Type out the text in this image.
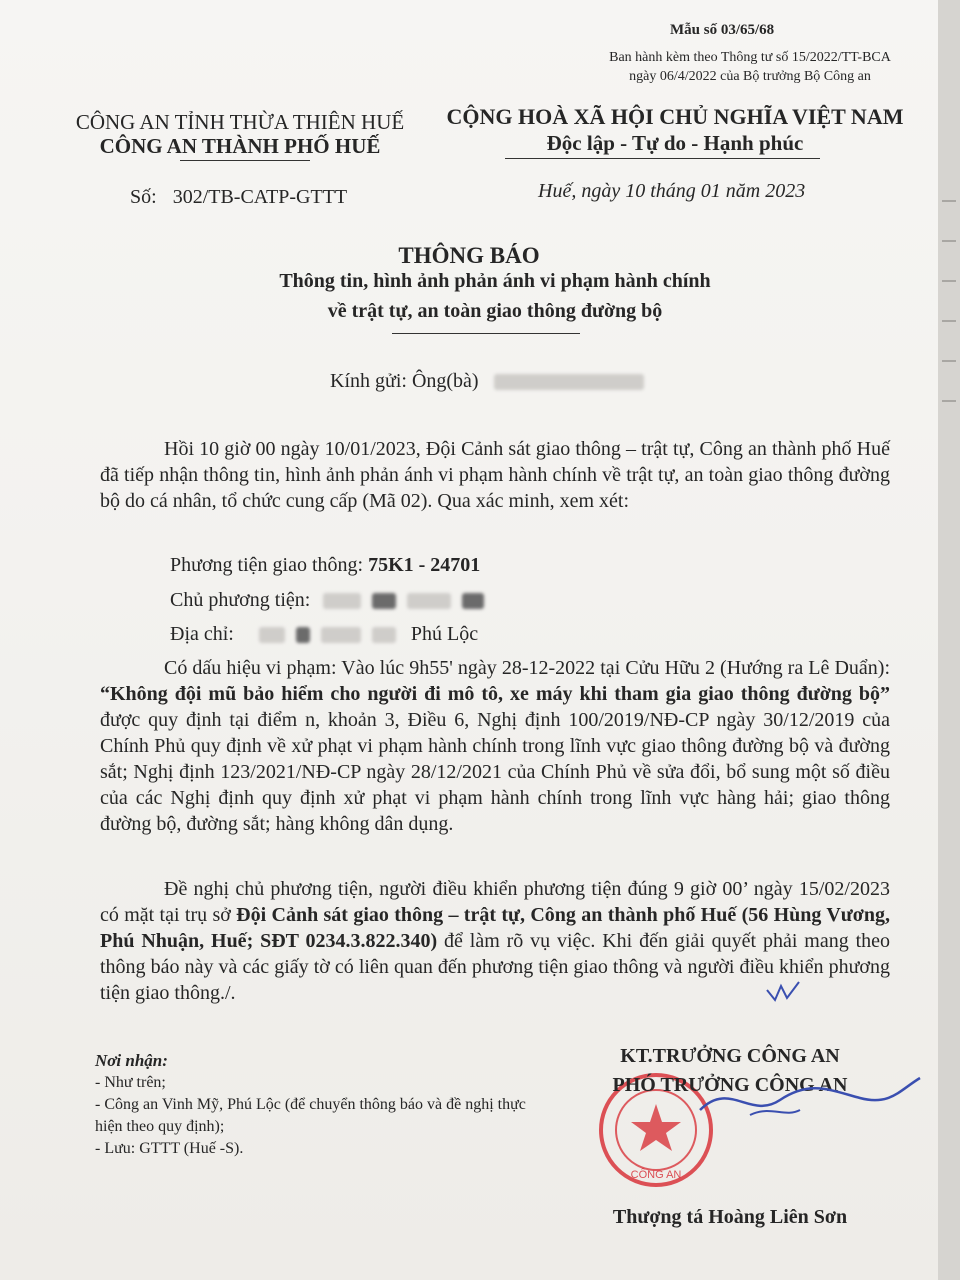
Mẫu số 03/65/68
Ban hành kèm theo Thông tư số 15/2022/TT-BCA
ngày 06/4/2022 của Bộ trưởng Bộ Công an
CÔNG AN TỈNH THỪA THIÊN HUẾ
CÔNG AN THÀNH PHỐ HUẾ
CỘNG HOÀ XÃ HỘI CHỦ NGHĨA VIỆT NAM
Độc lập - Tự do - Hạnh phúc
Số: 302/TB-CATP-GTTT	Huế, ngày 10 tháng 01 năm 2023
THÔNG BÁO
Thông tin, hình ảnh phản ánh vi phạm hành chính
về trật tự, an toàn giao thông đường bộ
Kính gửi: Ông(bà)
Hồi 10 giờ 00 ngày 10/01/2023, Đội Cảnh sát giao thông – trật tự, Công an thành phố Huế đã tiếp nhận thông tin, hình ảnh phản ánh vi phạm hành chính về trật tự, an toàn giao thông đường bộ do cá nhân, tổ chức cung cấp (Mã 02). Qua xác minh, xem xét:
Phương tiện giao thông: 75K1 - 24701
Chủ phương tiện:
Địa chỉ:	Phú Lộc
Có dấu hiệu vi phạm: Vào lúc 9h55' ngày 28-12-2022 tại Cửu Hữu 2 (Hướng ra Lê Duẩn): “Không đội mũ bảo hiểm cho người đi mô tô, xe máy khi tham gia giao thông đường bộ” được quy định tại điểm n, khoản 3, Điều 6, Nghị định 100/2019/NĐ-CP ngày 30/12/2019 của Chính Phủ quy định về xử phạt vi phạm hành chính trong lĩnh vực giao thông đường bộ và đường sắt; Nghị định 123/2021/NĐ-CP ngày 28/12/2021 của Chính Phủ về sửa đổi, bổ sung một số điều của các Nghị định quy định xử phạt vi phạm hành chính trong lĩnh vực hàng hải; giao thông đường bộ, đường sắt; hàng không dân dụng.
Đề nghị chủ phương tiện, người điều khiển phương tiện đúng 9 giờ 00’ ngày 15/02/2023 có mặt tại trụ sở Đội Cảnh sát giao thông – trật tự, Công an thành phố Huế (56 Hùng Vương, Phú Nhuận, Huế; SĐT 0234.3.822.340) để làm rõ vụ việc. Khi đến giải quyết phải mang theo thông báo này và các giấy tờ có liên quan đến phương tiện giao thông và người điều khiển phương tiện giao thông./.
Nơi nhận:
- Như trên;
- Công an Vinh Mỹ, Phú Lộc (để chuyển thông báo và đề nghị thực hiện theo quy định);
- Lưu: GTTT (Huế -S).
CÔNG AN
KT.TRƯỞNG CÔNG AN
PHÓ TRƯỞNG CÔNG AN
Thượng tá Hoàng Liên Sơn
